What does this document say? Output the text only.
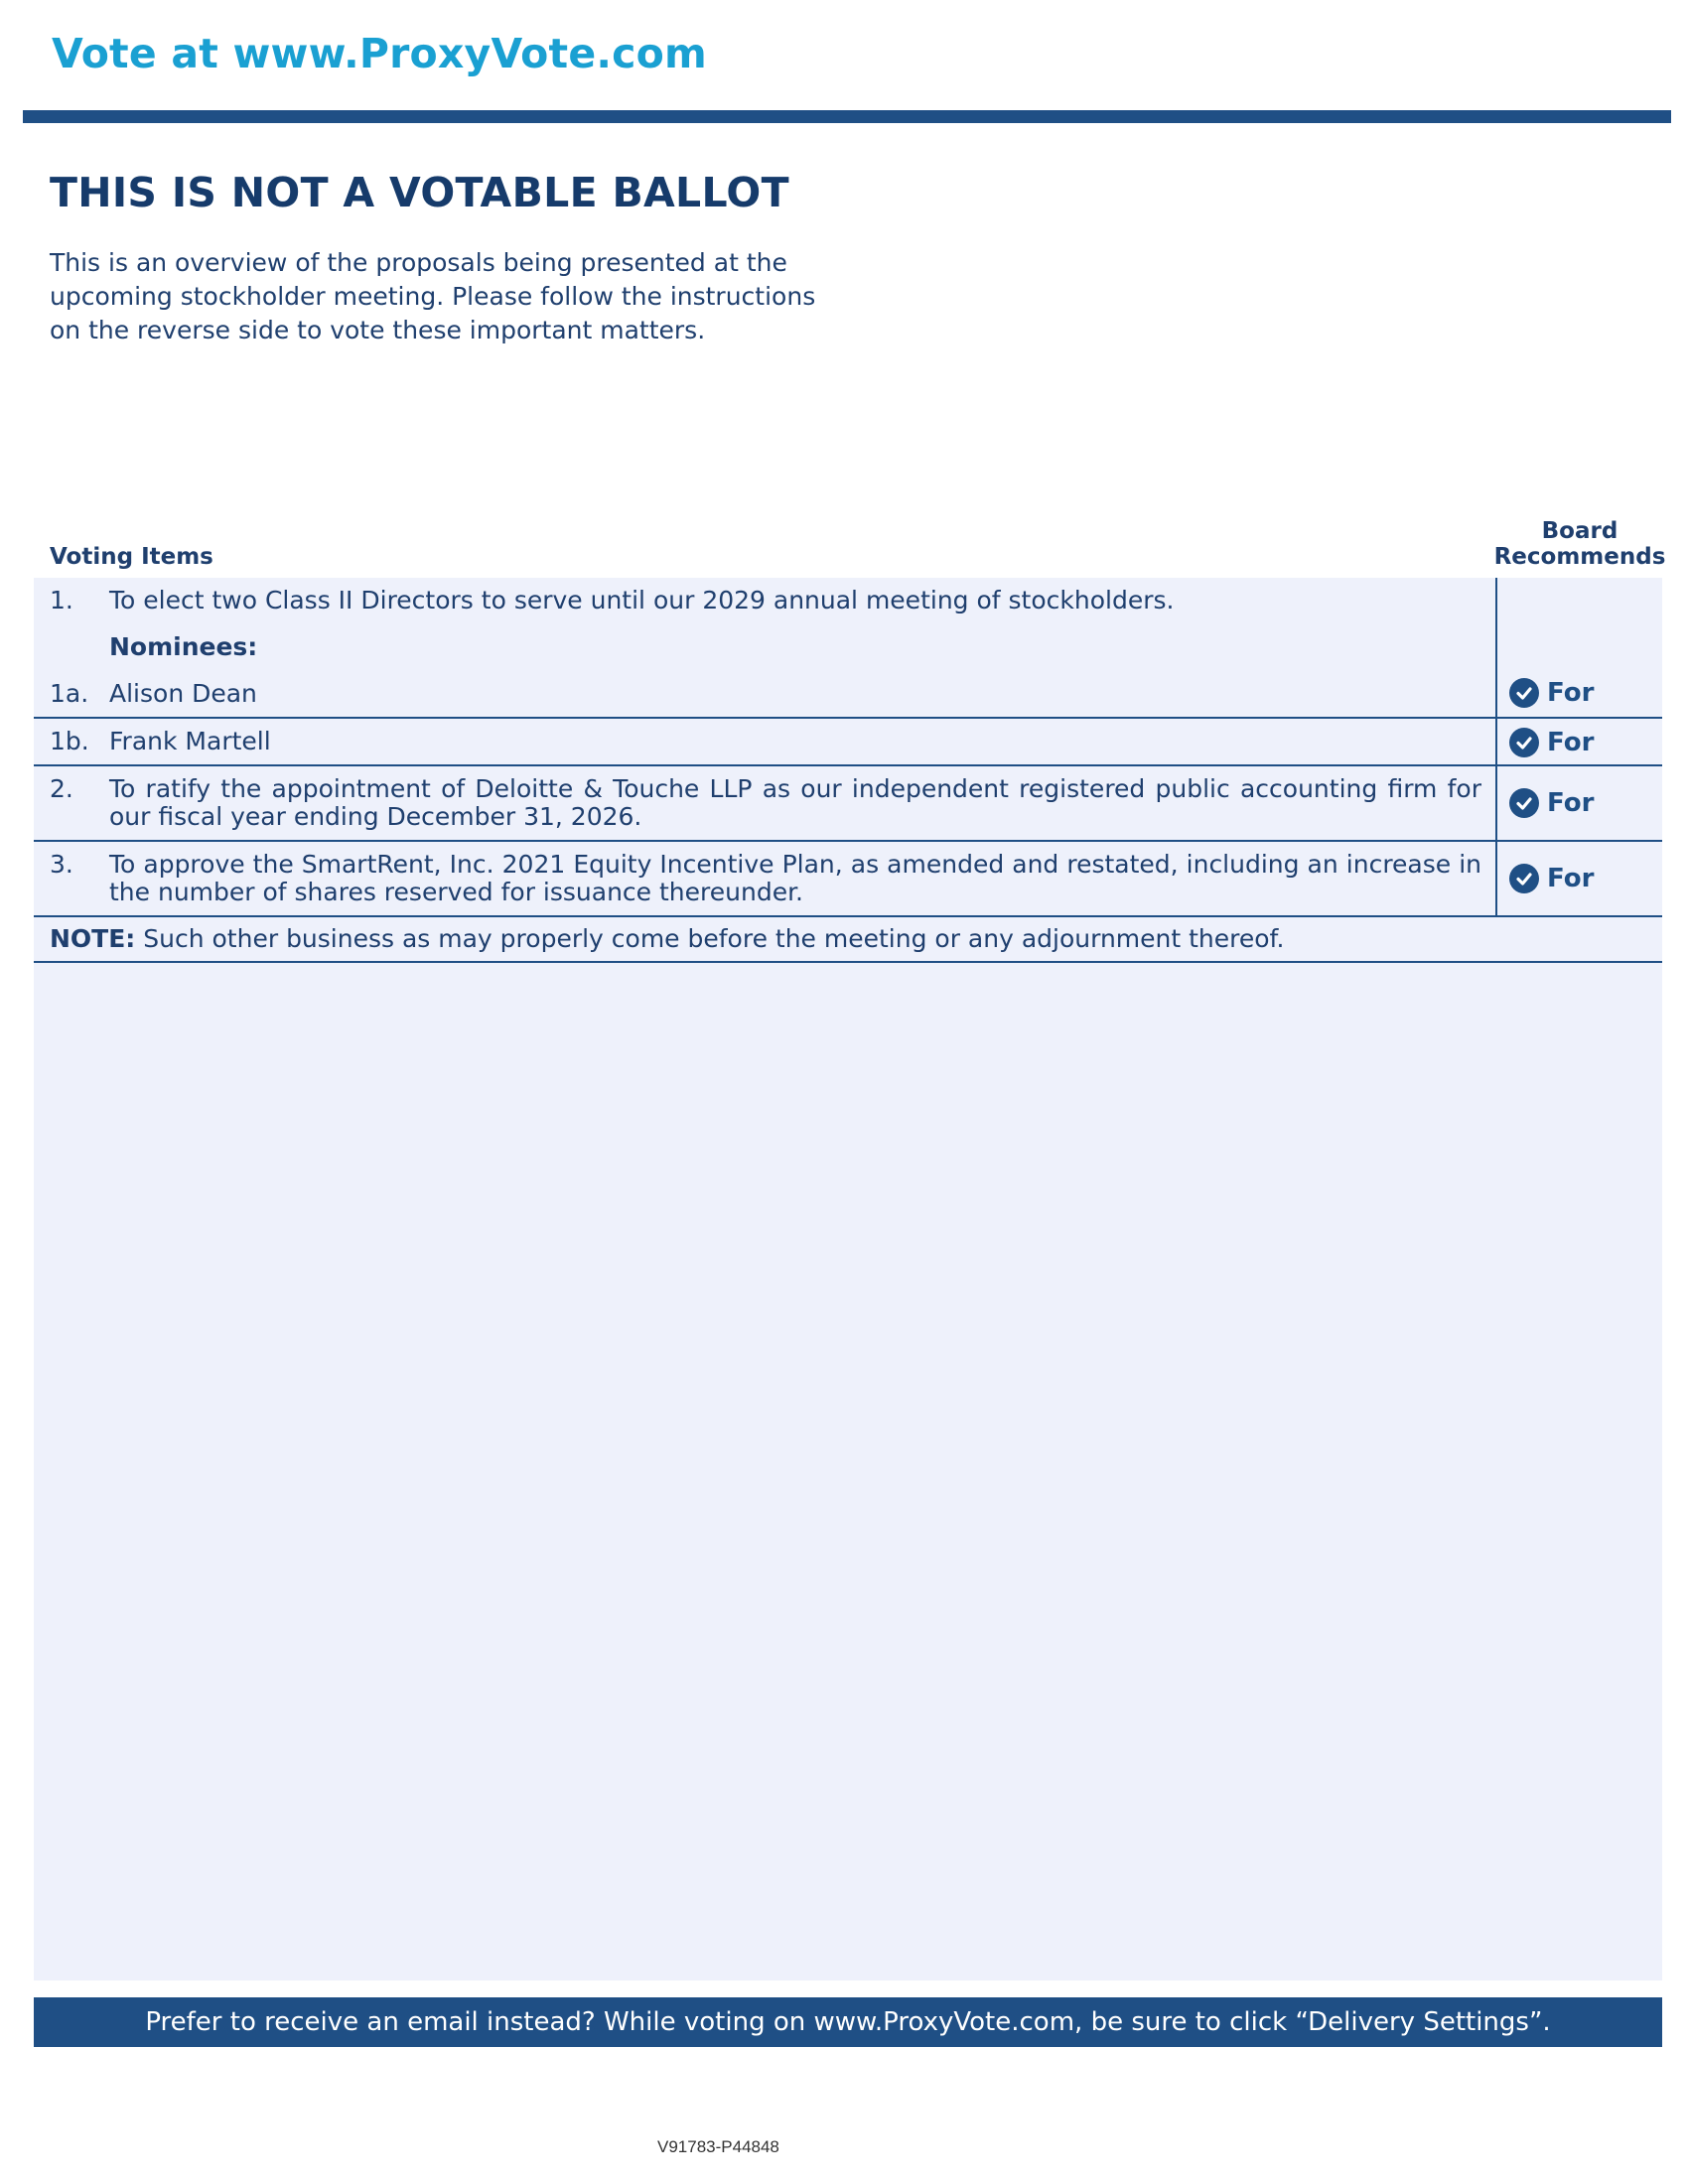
Vote at www.ProxyVote.com
THIS IS NOT A VOTABLE BALLOT

This is an overview of the proposals being presented at the upcoming stockholder meeting. Please follow the instructions on the reverse side to vote these important matters.

Voting Items
Board Recommends
1. To elect two Class II Directors to serve until our 2029 annual meeting of stockholders.
Nominees:
1a. Alison Dean	For
1b. Frank Martell	For
2. To ratify the appointment of Deloitte & Touche LLP as our independent registered public accounting firm for our fiscal year ending December 31, 2026.	For
3. To approve the SmartRent, Inc. 2021 Equity Incentive Plan, as amended and restated, including an increase in the number of shares reserved for issuance thereunder.	For
NOTE: Such other business as may properly come before the meeting or any adjournment thereof.
Prefer to receive an email instead? While voting on www.ProxyVote.com, be sure to click “Delivery Settings”.
V91783-P44848
